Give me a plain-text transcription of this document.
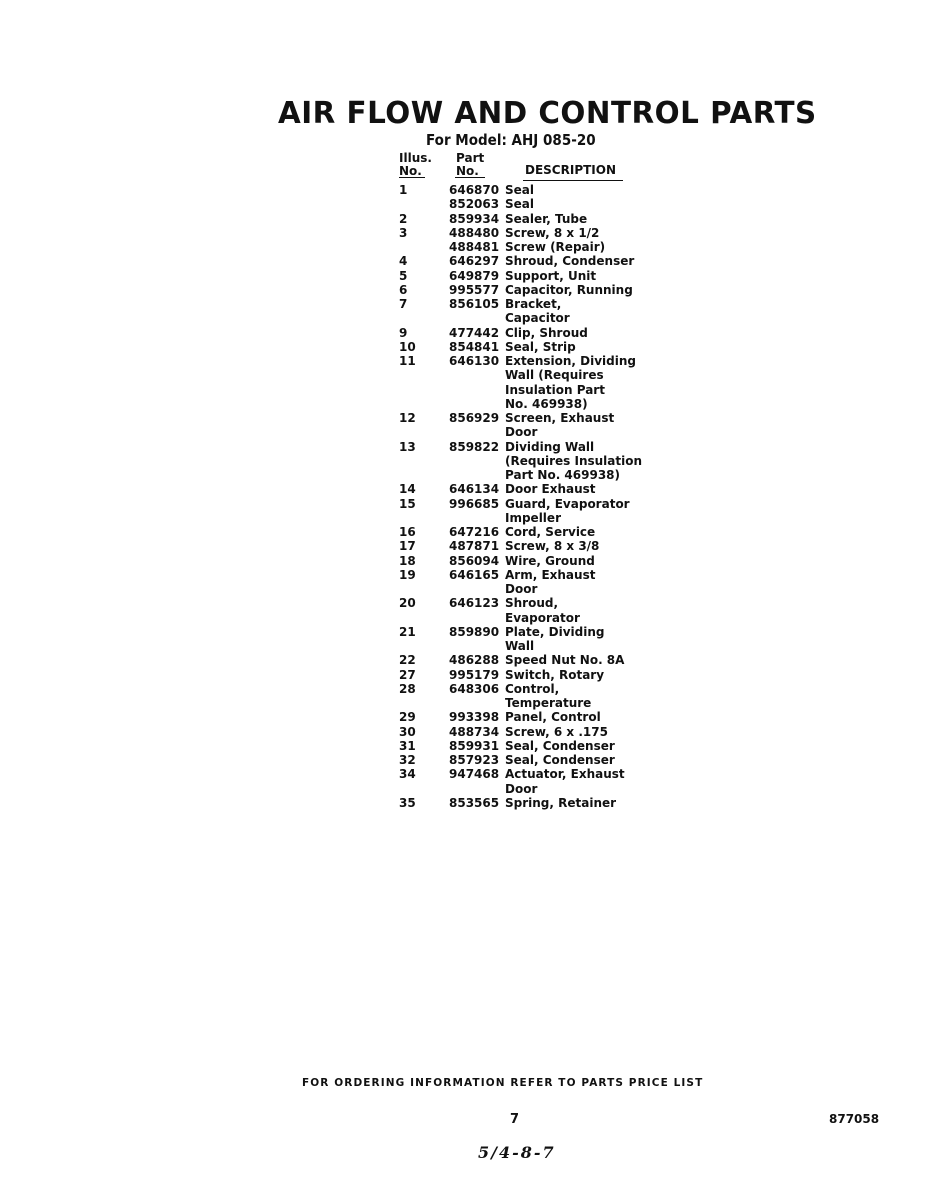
AIR FLOW AND CONTROL PARTS
For Model: AHJ 085-20
Illus.
No.
Part
No.	DESCRIPTION
1	646870 Seal
852063 Seal
2	859934 Sealer, Tube
3	488480 Screw, 8 x 1/2
488481 Screw (Repair)
4	646297 Shroud, Condenser
5	649879 Support, Unit
6	995577 Capacitor, Running
7	856105 Bracket,
Capacitor
9	477442 Clip, Shroud
10	854841 Seal, Strip
11	646130 Extension, Dividing
Wall (Requires
Insulation Part
No. 469938)
12	856929 Screen, Exhaust
Door
13	859822 Dividing Wall
(Requires Insulation
Part No. 469938)
14	646134 Door Exhaust
15	996685 Guard, Evaporator
Impeller
16	647216 Cord, Service
17	487871 Screw, 8 x 3/8
18	856094 Wire, Ground
19	646165 Arm, Exhaust
Door
20	646123 Shroud,
Evaporator
21	859890 Plate, Dividing
Wall
22	486288 Speed Nut No. 8A
27	995179 Switch, Rotary
28	648306 Control,
Temperature
29	993398 Panel, Control
30	488734 Screw, 6 x .175
31	859931 Seal, Condenser
32	857923 Seal, Condenser
34	947468 Actuator, Exhaust
Door
35	853565 Spring, Retainer
FOR ORDERING INFORMATION REFER TO PARTS PRICE LIST
7	877058
5/4-8-7
